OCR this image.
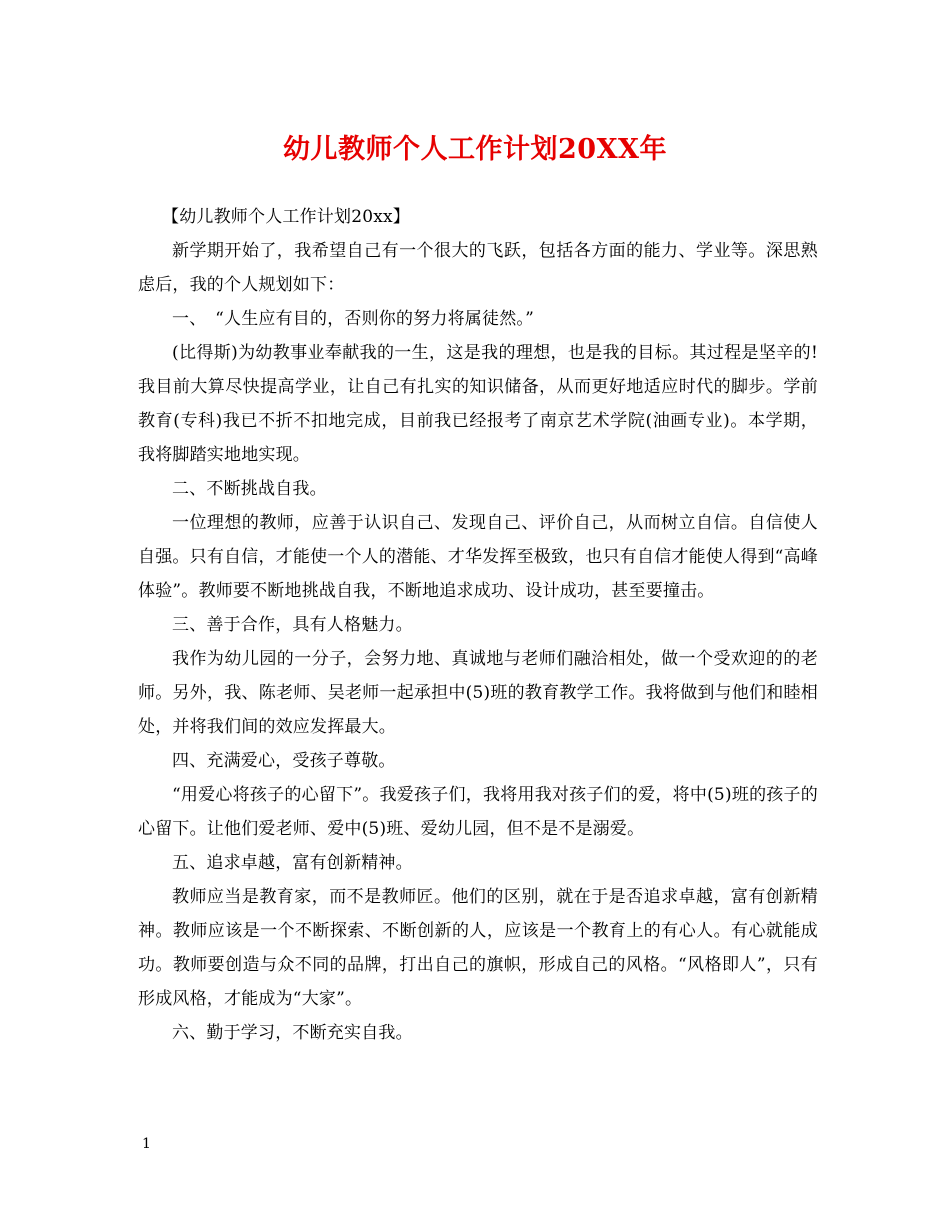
幼儿教师个人工作计划20XX年

【幼儿教师个人工作计划20xx】

新学期开始了，我希望自己有一个很大的飞跃，包括各方面的能力、学业等。深思熟虑后，我的个人规划如下：

一、　“人生应有目的，否则你的努力将属徒然。”

(比得斯)为幼教事业奉献我的一生，这是我的理想，也是我的目标。其过程是坚辛的!我目前大算尽快提高学业，让自己有扎实的知识储备，从而更好地适应时代的脚步。学前教育(专科)我已不折不扣地完成，目前我已经报考了南京艺术学院(油画专业)。本学期，我将脚踏实地地实现。

二、不断挑战自我。

一位理想的教师，应善于认识自己、发现自己、评价自己，从而树立自信。自信使人自强。只有自信，才能使一个人的潜能、才华发挥至极致，也只有自信才能使人得到“高峰体验”。教师要不断地挑战自我，不断地追求成功、设计成功，甚至要撞击。

三、善于合作，具有人格魅力。

我作为幼儿园的一分子，会努力地、真诚地与老师们融洽相处，做一个受欢迎的的老师。另外，我、陈老师、吴老师一起承担中(5)班的教育教学工作。我将做到与他们和睦相处，并将我们间的效应发挥最大。

四、充满爱心，受孩子尊敬。

“用爱心将孩子的心留下”。我爱孩子们，我将用我对孩子们的爱，将中(5)班的孩子的心留下。让他们爱老师、爱中(5)班、爱幼儿园，但不是不是溺爱。

五、追求卓越，富有创新精神。

教师应当是教育家，而不是教师匠。他们的区别，就在于是否追求卓越，富有创新精神。教师应该是一个不断探索、不断创新的人，应该是一个教育上的有心人。有心就能成功。教师要创造与众不同的品牌，打出自己的旗帜，形成自己的风格。“风格即人”，只有形成风格，才能成为“大家”。

六、勤于学习，不断充实自我。

1
